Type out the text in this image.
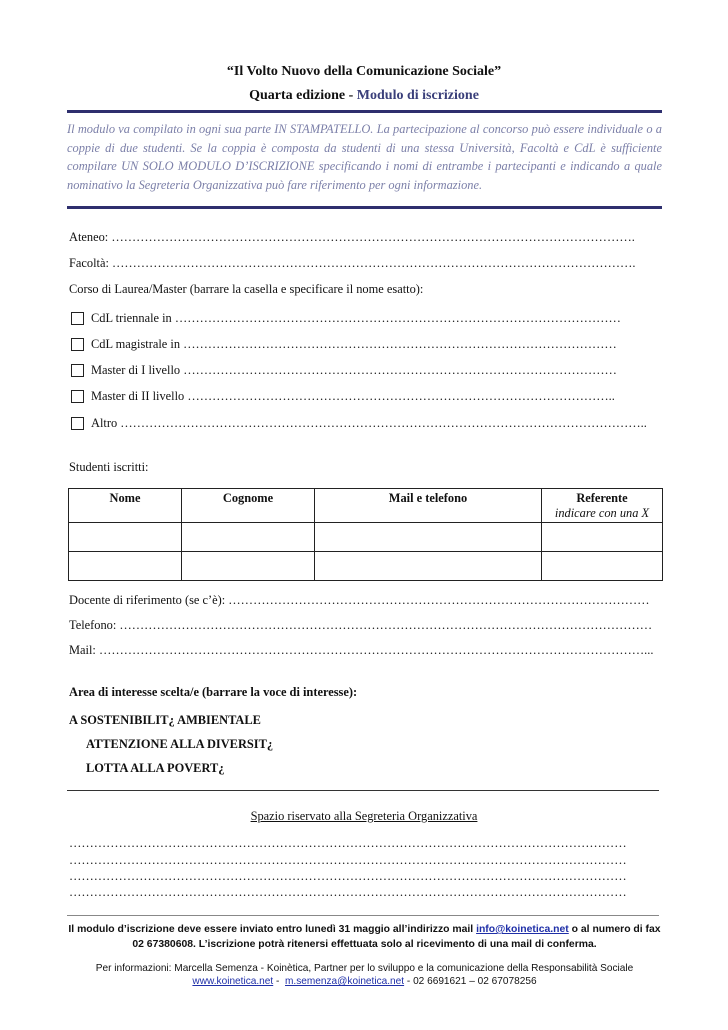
“Il Volto Nuovo della Comunicazione Sociale”
Quarta edizione - Modulo di iscrizione
Il modulo va compilato in ogni sua parte IN STAMPATELLO. La partecipazione al concorso può essere individuale o a coppie di due studenti. Se la coppia è composta da studenti di una stessa Università, Facoltà e CdL è sufficiente compilare UN SOLO MODULO D’ISCRIZIONE specificando i nomi di entrambe i partecipanti e indicando a quale nominativo la Segreteria Organizzativa può fare riferimento per ogni informazione.
Ateneo: ……………………………………………………………………………………………………………….
Facoltà: ……………………………………………………………………………………………………………….
Corso di Laurea/Master (barrare la casella e specificare il nome esatto):
CdL triennale in ………………………………………………………………………………………………
CdL magistrale in ……………………………………………………………………………………………
Master di I livello ……………………………………………………………………………………………
Master di II livello …………………………………………………………………………………………..
Altro ………………………………………………………………………………………………………………..
Studenti iscritti:
Nome	Cognome	Mail e telefono	Referente
indicare con una X

Docente di riferimento (se c’è): …………………………………………………………………………………………
Telefono: …………………………………………………………………………………………………………………
Mail: ……………………………………………………………………………………………………………………...
Area di interesse scelta/e (barrare la voce di interesse):
A SOSTENIBILIT¿ AMBIENTALE
ATTENZIONE ALLA DIVERSIT¿
LOTTA ALLA POVERT¿
Spazio riservato alla Segreteria Organizzativa
………………………………………………………………………………………………………………………
………………………………………………………………………………………………………………………
………………………………………………………………………………………………………………………
………………………………………………………………………………………………………………………
Il modulo d’iscrizione deve essere inviato entro lunedì 31 maggio all’indirizzo mail info@koinetica.net o al numero di fax 02 67380608. L’iscrizione potrà ritenersi effettuata solo al ricevimento di una mail di conferma.
Per informazioni: Marcella Semenza - Koinètica, Partner per lo sviluppo e la comunicazione della Responsabilità Sociale
www.koinetica.net -  m.semenza@koinetica.net - 02 6691621 – 02 67078256
